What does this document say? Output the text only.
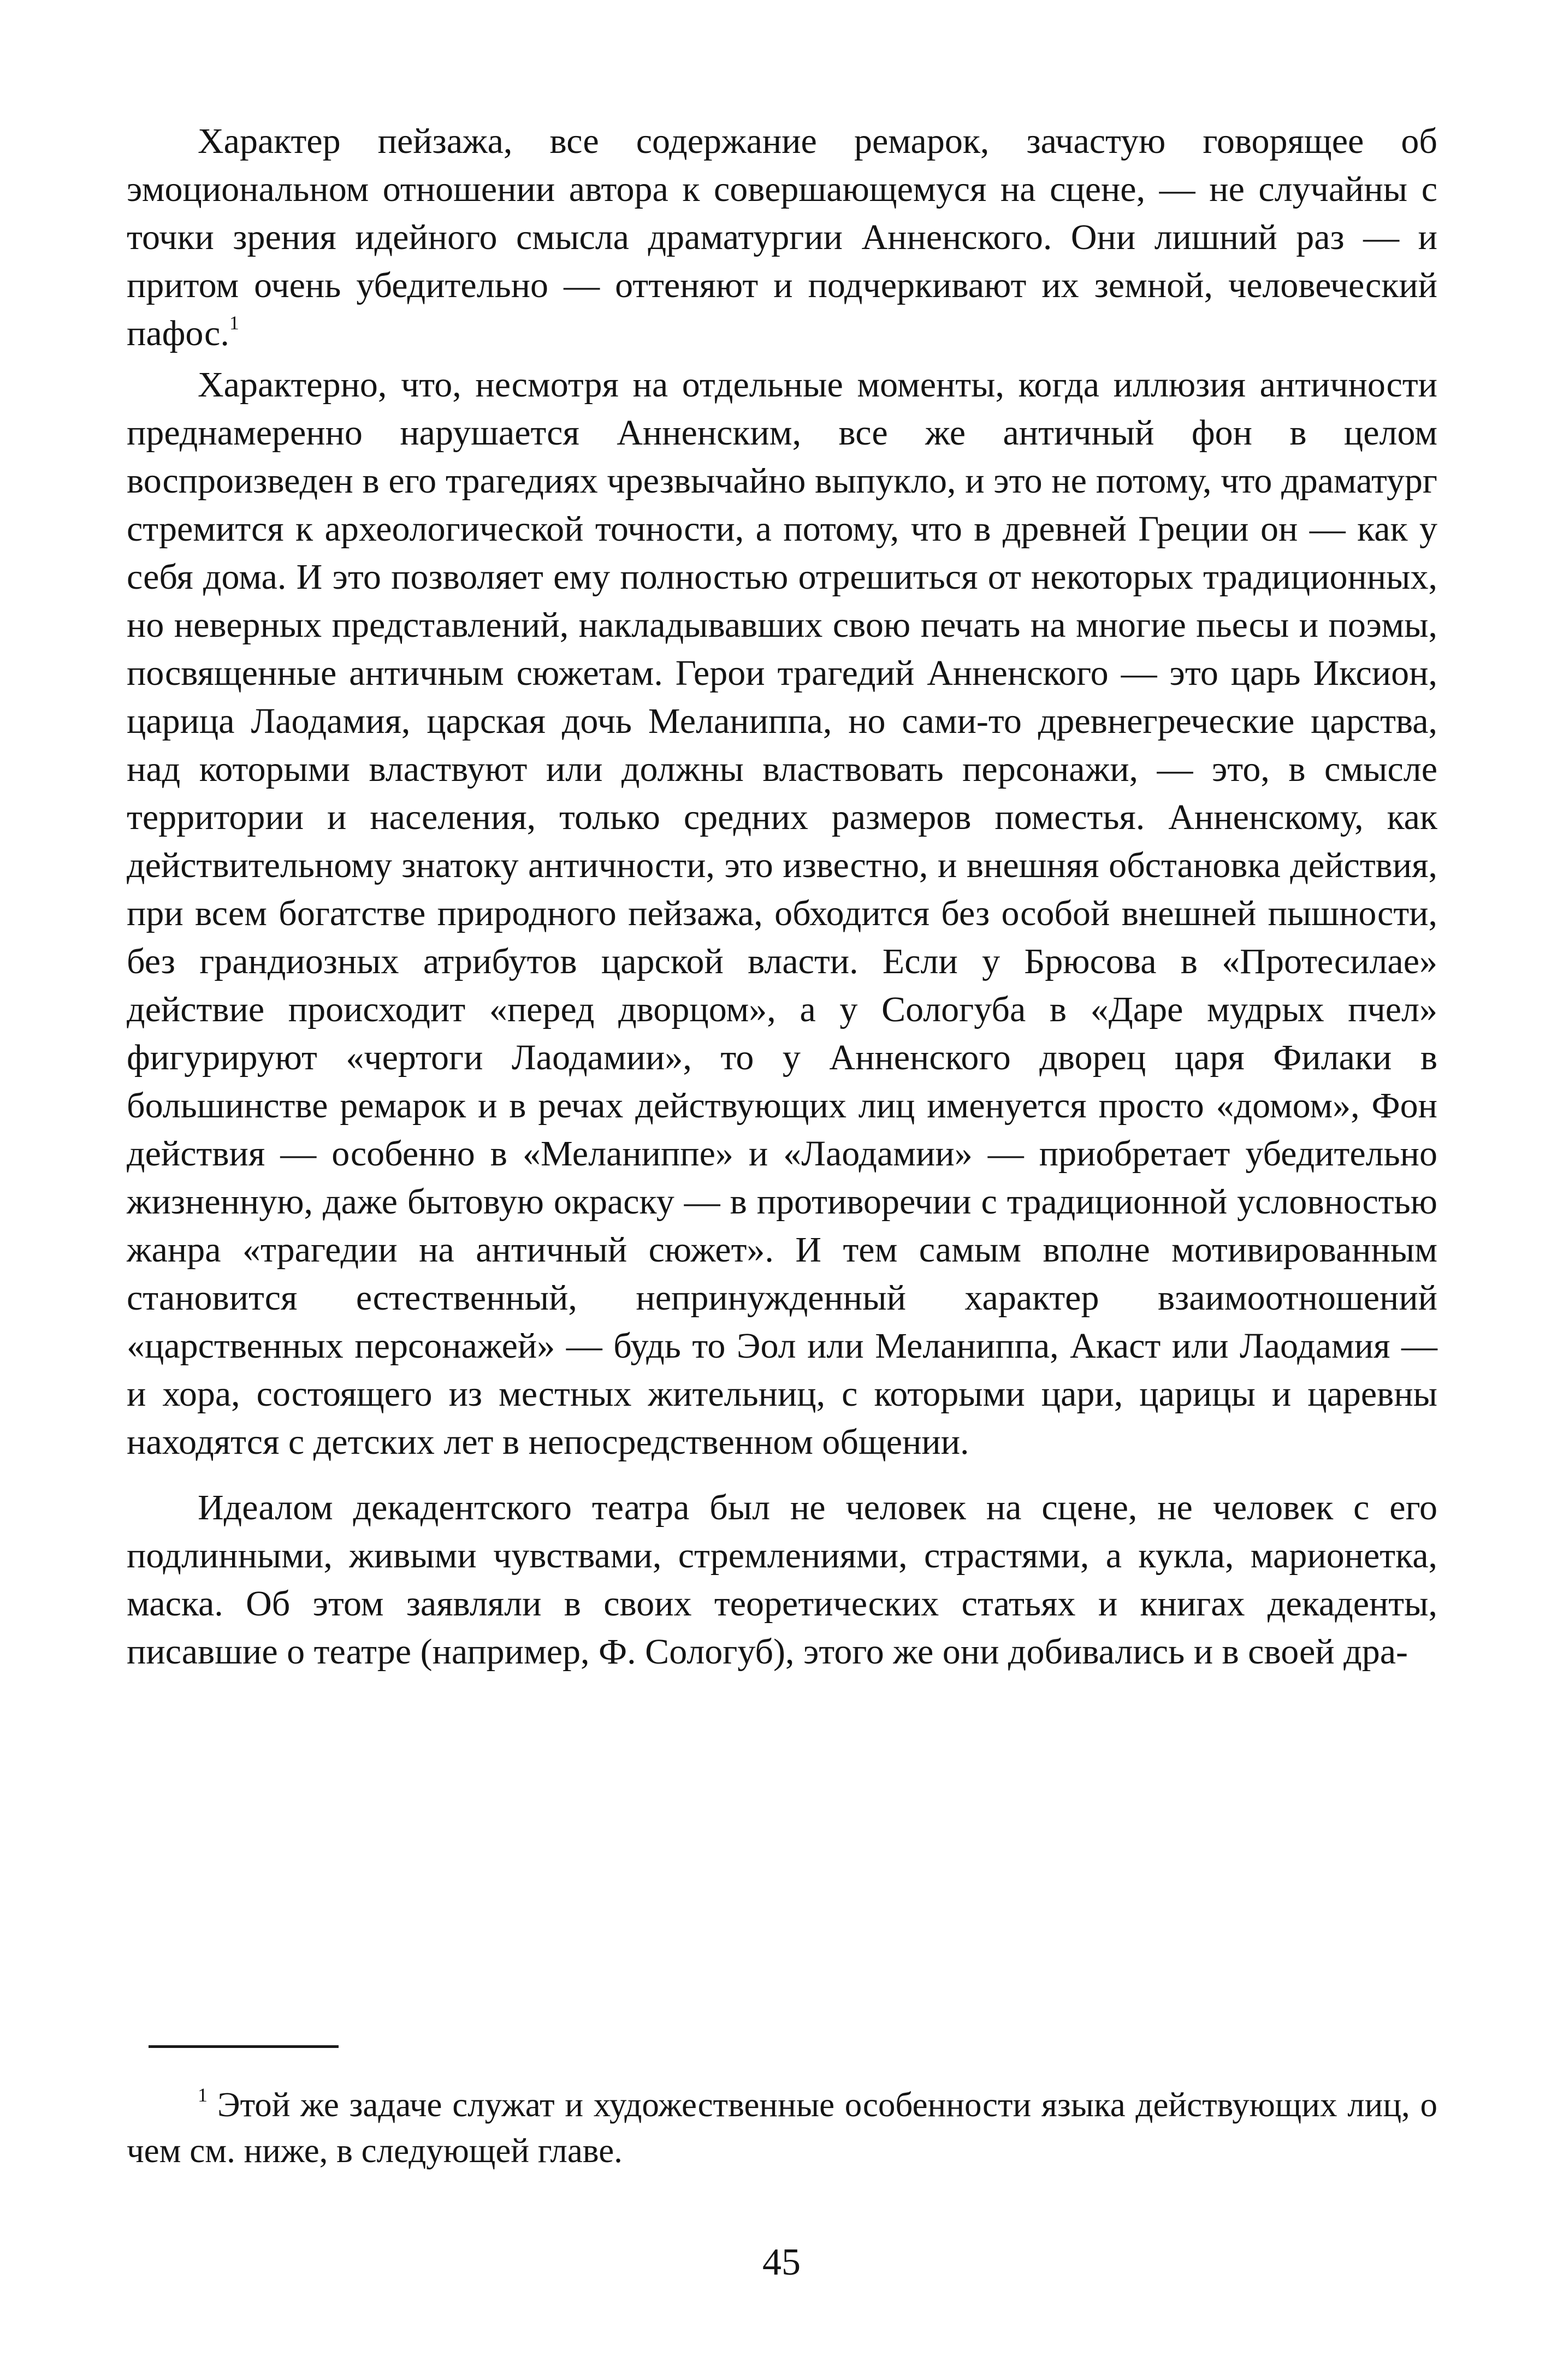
Характер пейзажа, все содержание ремарок, зачастую говорящее об эмоциональном отношении автора к совершающемуся на сцене, — не случайны с точки зрения идейного смысла драматургии Анненского. Они лишний раз — и притом очень убедительно — оттеняют и подчеркивают их земной, человеческий пафос.$^1$

Характерно, что, несмотря на отдельные моменты, когда иллюзия античности преднамеренно нарушается Анненским, все же античный фон в целом воспроизведен в его трагедиях чрезвычайно выпукло, и это не потому, что драматург стремится к археологической точности, а потому, что в древней Греции он — как у себя дома. И это позволяет ему полностью отрешиться от некоторых традиционных, но неверных представлений, накладывавших свою печать на многие пьесы и поэмы, посвященные античным сюжетам. Герои трагедий Анненского — это царь Иксион, царица Лаодамия, царская дочь Меланиппа, но сами-то древнегреческие царства, над которыми властвуют или должны властвовать персонажи, — это, в смысле территории и населения, только средних размеров поместья. Анненскому, как действительному знатоку античности, это известно, и внешняя обстановка действия, при всем богатстве природного пейзажа, обходится без особой внешней пышности, без грандиозных атрибутов царской власти. Если у Брюсова в «Протесилае» действие происходит «перед дворцом», а у Сологуба в «Даре мудрых пчел» фигурируют «чертоги Лаодамии», то у Анненского дворец царя Филаки в большинстве ремарок и в речах действующих лиц именуется просто «домом», Фон действия — особенно в «Меланиппе» и «Лаодамии» — приобретает убедительно жизненную, даже бытовую окраску — в противоречии с традиционной условностью жанра «трагедии на античный сюжет». И тем самым вполне мотивированным становится естественный, непринужденный характер взаимоотношений «царственных персонажей» — будь то Эол или Меланиппа, Акаст или Лаодамия — и хора, состоящего из местных жительниц, с которыми цари, царицы и царевны находятся с детских лет в непосредственном общении.

Идеалом декадентского театра был не человек на сцене, не человек с его подлинными, живыми чувствами, стремлениями, страстями, а кукла, марионетка, маска. Об этом заявляли в своих теоретических статьях и книгах декаденты, писавшие о театре (например, Ф. Сологуб), этого же они добивались и в своей дра-

$^1$ Этой же задаче служат и художественные особенности языка действующих лиц, о чем см. ниже, в следующей главе.

45
